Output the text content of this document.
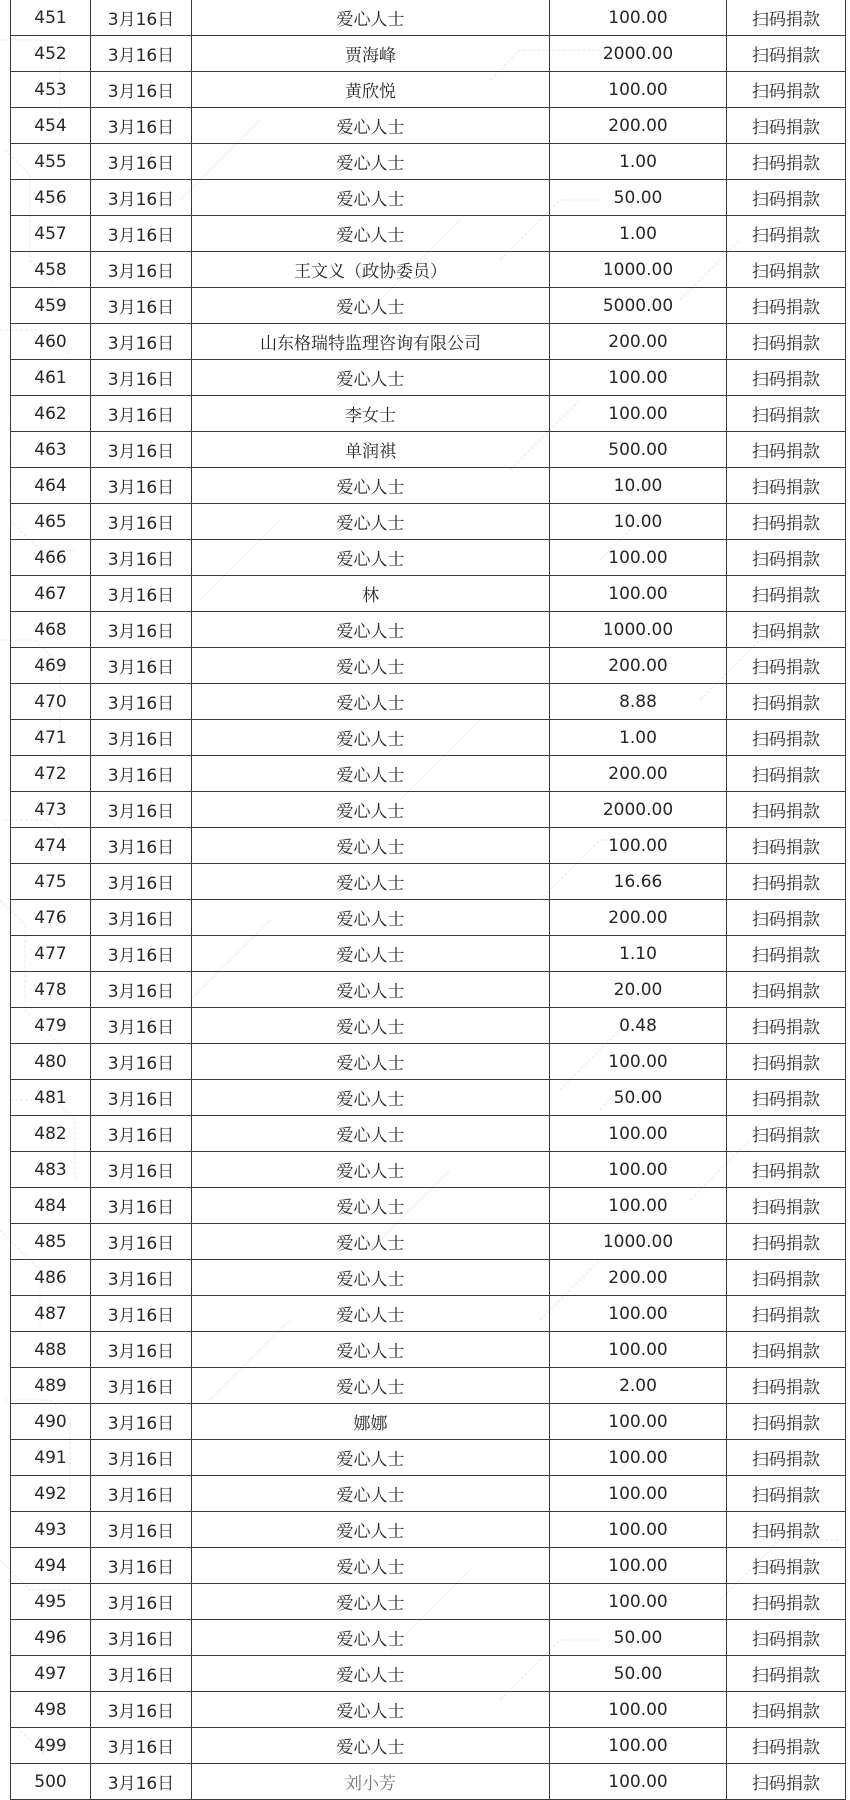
451	3月16日	爱心人士	100.00	扫码捐款
452	3月16日	贾海峰	2000.00	扫码捐款
453	3月16日	黄欣悦	100.00	扫码捐款
454	3月16日	爱心人士	200.00	扫码捐款
455	3月16日	爱心人士	1.00	扫码捐款
456	3月16日	爱心人士	50.00	扫码捐款
457	3月16日	爱心人士	1.00	扫码捐款
458	3月16日	王文义（政协委员）	1000.00	扫码捐款
459	3月16日	爱心人士	5000.00	扫码捐款
460	3月16日	山东格瑞特监理咨询有限公司	200.00	扫码捐款
461	3月16日	爱心人士	100.00	扫码捐款
462	3月16日	李女士	100.00	扫码捐款
463	3月16日	单润祺	500.00	扫码捐款
464	3月16日	爱心人士	10.00	扫码捐款
465	3月16日	爱心人士	10.00	扫码捐款
466	3月16日	爱心人士	100.00	扫码捐款
467	3月16日	林	100.00	扫码捐款
468	3月16日	爱心人士	1000.00	扫码捐款
469	3月16日	爱心人士	200.00	扫码捐款
470	3月16日	爱心人士	8.88	扫码捐款
471	3月16日	爱心人士	1.00	扫码捐款
472	3月16日	爱心人士	200.00	扫码捐款
473	3月16日	爱心人士	2000.00	扫码捐款
474	3月16日	爱心人士	100.00	扫码捐款
475	3月16日	爱心人士	16.66	扫码捐款
476	3月16日	爱心人士	200.00	扫码捐款
477	3月16日	爱心人士	1.10	扫码捐款
478	3月16日	爱心人士	20.00	扫码捐款
479	3月16日	爱心人士	0.48	扫码捐款
480	3月16日	爱心人士	100.00	扫码捐款
481	3月16日	爱心人士	50.00	扫码捐款
482	3月16日	爱心人士	100.00	扫码捐款
483	3月16日	爱心人士	100.00	扫码捐款
484	3月16日	爱心人士	100.00	扫码捐款
485	3月16日	爱心人士	1000.00	扫码捐款
486	3月16日	爱心人士	200.00	扫码捐款
487	3月16日	爱心人士	100.00	扫码捐款
488	3月16日	爱心人士	100.00	扫码捐款
489	3月16日	爱心人士	2.00	扫码捐款
490	3月16日	娜娜	100.00	扫码捐款
491	3月16日	爱心人士	100.00	扫码捐款
492	3月16日	爱心人士	100.00	扫码捐款
493	3月16日	爱心人士	100.00	扫码捐款
494	3月16日	爱心人士	100.00	扫码捐款
495	3月16日	爱心人士	100.00	扫码捐款
496	3月16日	爱心人士	50.00	扫码捐款
497	3月16日	爱心人士	50.00	扫码捐款
498	3月16日	爱心人士	100.00	扫码捐款
499	3月16日	爱心人士	100.00	扫码捐款
500	3月16日	刘小芳	100.00	扫码捐款
